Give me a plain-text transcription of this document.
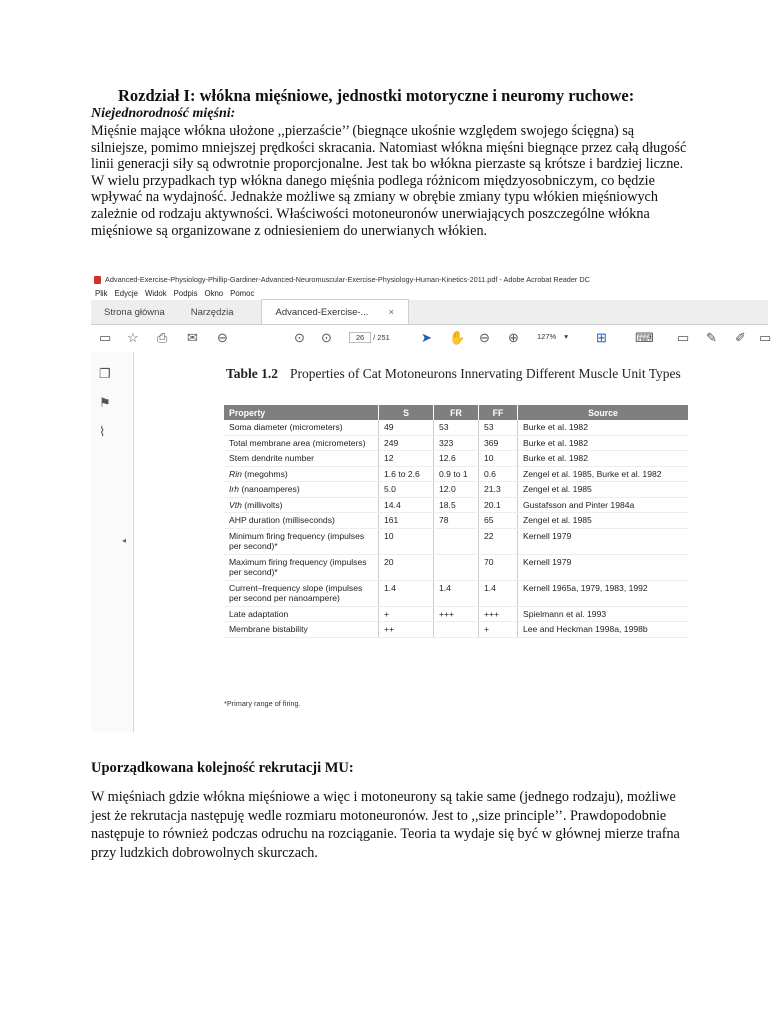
Rozdział I: włókna mięśniowe, jednostki motoryczne i neuromy ruchowe:
Niejednorodność mięśni:
Mięśnie mające włókna ułożone ,,pierzaście’’ (biegnące ukośnie względem swojego ścięgna) są silniejsze, pomimo mniejszej prędkości skracania. Natomiast włókna mięśni biegnące przez całą długość linii generacji siły są odwrotnie proporcjonalne. Jest tak bo włókna pierzaste są krótsze i bardziej liczne. W wielu przypadkach typ włókna danego mięśnia podlega różnicom międzyosobniczym, co będzie wpływać na wydajność. Jednakże możliwe są zmiany w obrębie zmiany typu włókien mięśniowych zależnie od rodzaju aktywności. Właściwości motoneuronów unerwiających poszczególne włókna mięśniowe są organizowane z odniesieniem do unerwianych włókien.
Advanced-Exercise-Physiology-Phillip-Gardiner-Advanced-Neuromuscular-Exercise-Physiology-Human-Kinetics-2011.pdf - Adobe Acrobat Reader DC
Plik Edycje Widok Podpis Okno Pomoc
Strona główna	Narzędzia	Advanced-Exercise-... ×
▭ ☆ ⎙ ✉ ⊖	⊙ ⊙	26 / 251 ➤ ✋ ⊖ ⊕ 127% ▾ ⊞ ⌨ ▭ ✎ ✐ ▭
❐
⚑
⌇
◂
Table 1.2 Properties of Cat Motoneurons Innervating Different Muscle Unit Types
Property	S	FR	FF	Source
Soma diameter (micrometers)	49	53	53	Burke et al. 1982
Total membrane area (micrometers)	249	323	369	Burke et al. 1982
Stem dendrite number	12	12.6	10	Burke et al. 1982
Rin (megohms)	1.6 to 2.6	0.9 to 1	0.6	Zengel et al. 1985, Burke et al. 1982
Irh (nanoamperes)	5.0	12.0	21.3	Zengel et al. 1985
Vth (millivolts)	14.4	18.5	20.1	Gustafsson and Pinter 1984a
AHP duration (milliseconds)	161	78	65	Zengel et al. 1985
Minimum firing frequency (impulses per second)*	10		22	Kernell 1979
Maximum firing frequency (impulses per second)*	20		70	Kernell 1979
Current–frequency slope (impulses per second per nanoampere)	1.4	1.4	1.4	Kernell 1965a, 1979, 1983, 1992
Late adaptation	+	+++	+++	Spielmann et al. 1993
Membrane bistability	++		+	Lee and Heckman 1998a, 1998b
*Primary range of firing.
Uporządkowana kolejność rekrutacji MU:
W mięśniach gdzie włókna mięśniowe a więc i motoneurony są takie same (jednego rodzaju), możliwe jest że rekrutacja następuję wedle rozmiaru motoneuronów. Jest to ,,size principle’’. Prawdopodobnie następuje to również podczas odruchu na rozciąganie. Teoria ta wydaje się być w głównej mierze trafna przy ludzkich dobrowolnych skurczach.
